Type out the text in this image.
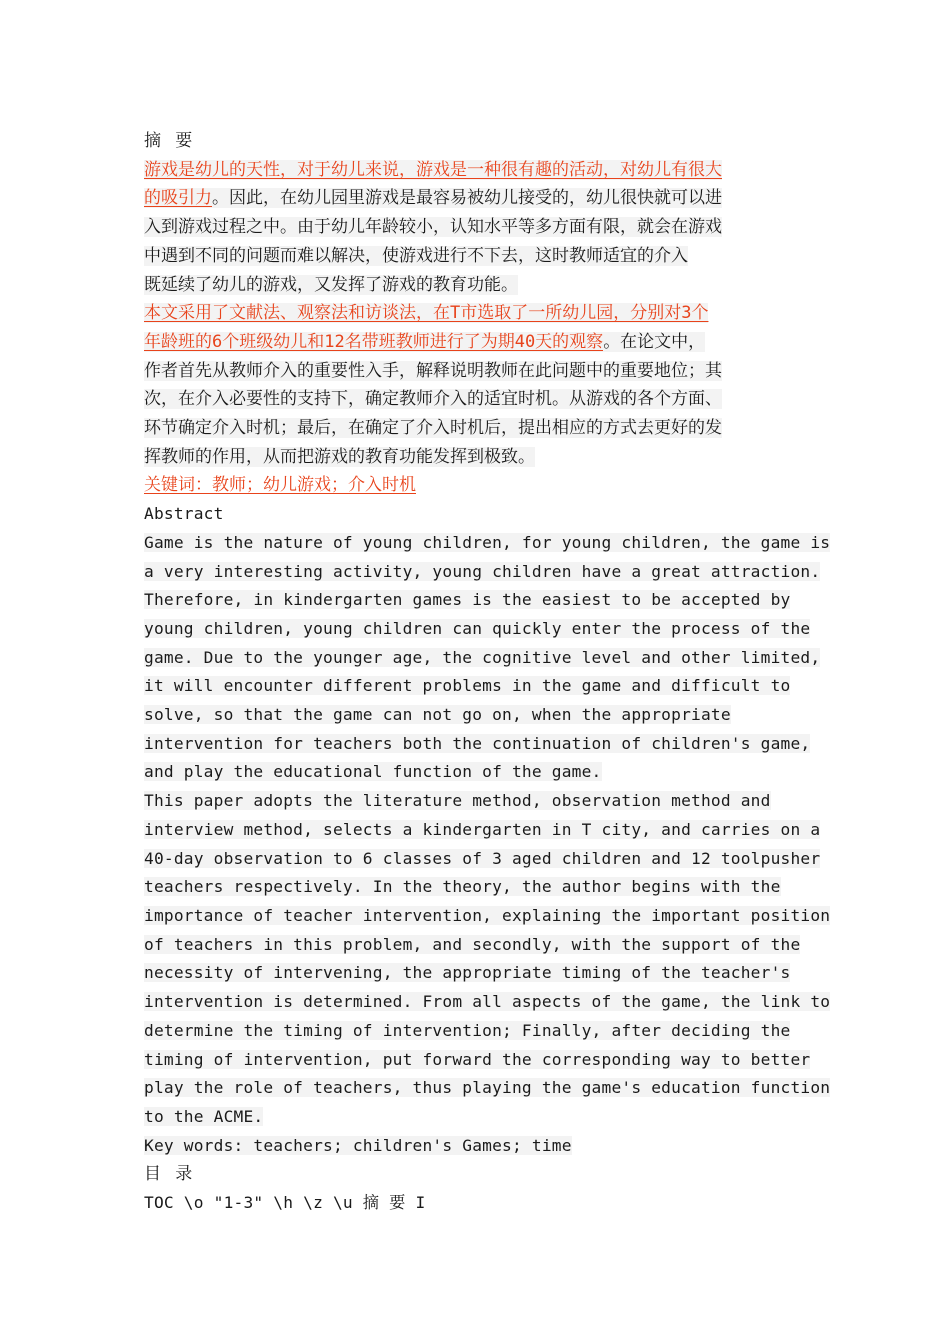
摘 要
游戏是幼儿的天性，对于幼儿来说，游戏是一种很有趣的活动，对幼儿有很大
的吸引力。因此，在幼儿园里游戏是最容易被幼儿接受的，幼儿很快就可以进
入到游戏过程之中。由于幼儿年龄较小，认知水平等多方面有限，就会在游戏
中遇到不同的问题而难以解决，使游戏进行不下去，这时教师适宜的介入
既延续了幼儿的游戏，又发挥了游戏的教育功能。
本文采用了文献法、观察法和访谈法，在T市选取了一所幼儿园，分别对3个
年龄班的6个班级幼儿和12名带班教师进行了为期40天的观察。在论文中，
作者首先从教师介入的重要性入手，解释说明教师在此问题中的重要地位；其
次，在介入必要性的支持下，确定教师介入的适宜时机。从游戏的各个方面、
环节确定介入时机；最后，在确定了介入时机后，提出相应的方式去更好的发
挥教师的作用，从而把游戏的教育功能发挥到极致。
关键词：教师；幼儿游戏；介入时机
Abstract
Game is the nature of young children, for young children, the game is
a very interesting activity, young children have a great attraction.
Therefore, in kindergarten games is the easiest to be accepted by
young children, young children can quickly enter the process of the
game. Due to the younger age, the cognitive level and other limited,
it will encounter different problems in the game and difficult to
solve, so that the game can not go on, when the appropriate
intervention for teachers both the continuation of children's game,
and play the educational function of the game.
This paper adopts the literature method, observation method and
interview method, selects a kindergarten in T city, and carries on a
40-day observation to 6 classes of 3 aged children and 12 toolpusher
teachers respectively. In the theory, the author begins with the
importance of teacher intervention, explaining the important position
of teachers in this problem, and secondly, with the support of the
necessity of intervening, the appropriate timing of the teacher's
intervention is determined. From all aspects of the game, the link to
determine the timing of intervention; Finally, after deciding the
timing of intervention, put forward the corresponding way to better
play the role of teachers, thus playing the game's education function
to the ACME.
Key words: teachers; children's Games; time
目 录
TOC \o "1-3" \h \z \u 摘 要 I
